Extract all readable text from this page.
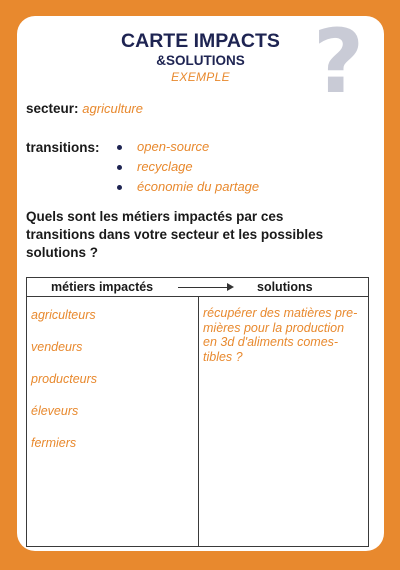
?
CARTE IMPACTS
&SOLUTIONS
EXEMPLE
secteur: agriculture
transitions:	open-source
recyclage
économie du partage
Quels sont les métiers impactés par ces transitions dans votre secteur et les possibles solutions ?
métiers impactés	solutions
agriculteurs
vendeurs
producteurs
éleveurs
fermiers
récupérer des matières pre-
mières pour la production
en 3d d'aliments comes-
tibles ?
